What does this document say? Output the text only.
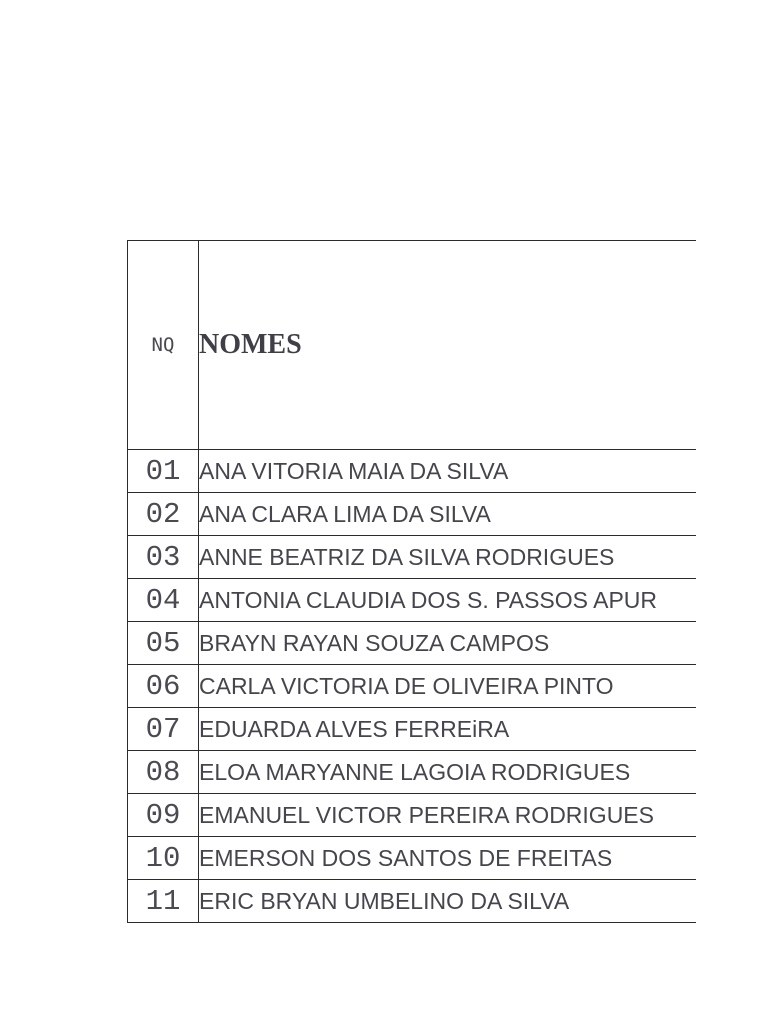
NQ	NOMES
01	ANA VITORIA MAIA DA SILVA
02	ANA CLARA LIMA DA SILVA
03	ANNE BEATRIZ DA SILVA RODRIGUES
04	ANTONIA CLAUDIA DOS S. PASSOS APUR
05	BRAYN RAYAN SOUZA CAMPOS
06	CARLA VICTORIA DE OLIVEIRA PINTO
07	EDUARDA ALVES FERREiRA
08	ELOA MARYANNE LAGOIA RODRIGUES
09	EMANUEL VICTOR PEREIRA RODRIGUES
10	EMERSON DOS SANTOS DE FREITAS
11	ERIC BRYAN UMBELINO DA SILVA
